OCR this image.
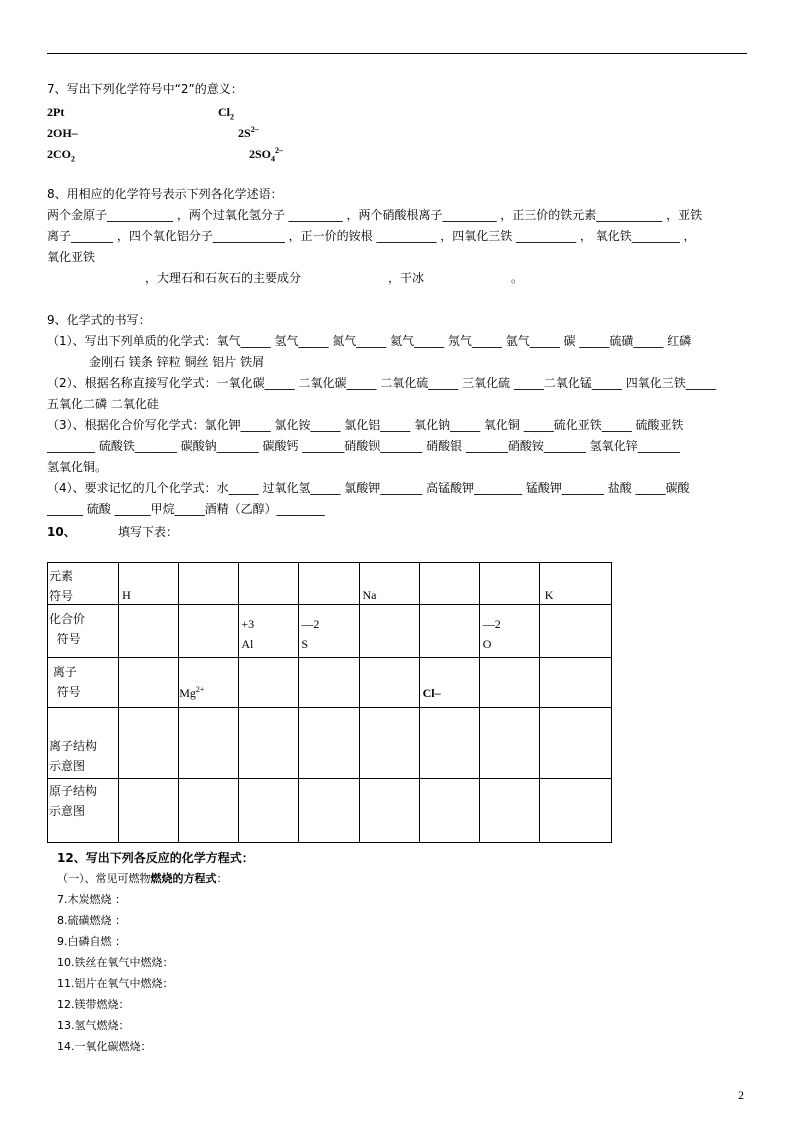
7、写出下列化学符号中“2”的意义：
2Pt	$Cl_2$
2OH–	$2S^{2-}$
$2CO_2$	$2SO_4^{2-}$
8、用相应的化学符号表示下列各化学述语：
两个金原子___________ ，两个过氧化氢分子 _________ ，两个硝酸根离子_________ ，正三价的铁元素___________ ，亚铁
离子_______ ，四个氧化铝分子____________ ，正一价的铵根 __________ ，四氧化三铁 __________ ， 氧化铁________ ，
氧化亚铁
，大理石和石灰石的主要成分	，干冰	。
9、化学式的书写：
（1）、写出下列单质的化学式：氧气_____ 氢气_____ 氮气_____ 氦气_____ 氖气_____ 氩气_____ 碳 _____硫磺_____ 红磷
金刚石 镁条 锌粒 铜丝 铝片 铁屑
（2）、根据名称直接写化学式：一氧化碳_____ 二氧化碳_____ 二氧化硫_____ 三氧化硫 _____二氧化锰_____ 四氧化三铁_____
五氧化二磷 二氧化硅
（3）、根据化合价写化学式：氯化钾_____ 氯化铵_____ 氯化铝_____ 氧化钠_____ 氧化铜 _____硫化亚铁_____ 硫酸亚铁
________ 硫酸铁_______ 碳酸钠_______ 碳酸钙 _______硝酸钡_______ 硝酸银 _______硝酸铵_______ 氢氧化锌_______
氢氧化铜。
（4）、要求记忆的几个化学式：水_____ 过氧化氢_____ 氯酸钾_______ 高锰酸钾________ 锰酸钾_______ 盐酸 _____碳酸
______ 硫酸 ______甲烷_____酒精（乙醇）________
10、	填写下表：
元素
符号	H				Na			K

化合价
符号			+3
Al	—2
S			—2
O	

离子
符号		$Mg^{2+}$				Cl–		

离子结构
示意图								

原子结构
示意图								

12、写出下列各反应的化学方程式：
（一）、常见可燃物燃烧的方程式：
7.木炭燃烧 ：
8.硫磺燃烧 ：
9.白磷自燃 ：
10.铁丝在氧气中燃烧：
11.铝片在氧气中燃烧：
12.镁带燃烧：
13.氢气燃烧：
14.一氧化碳燃烧：
2
